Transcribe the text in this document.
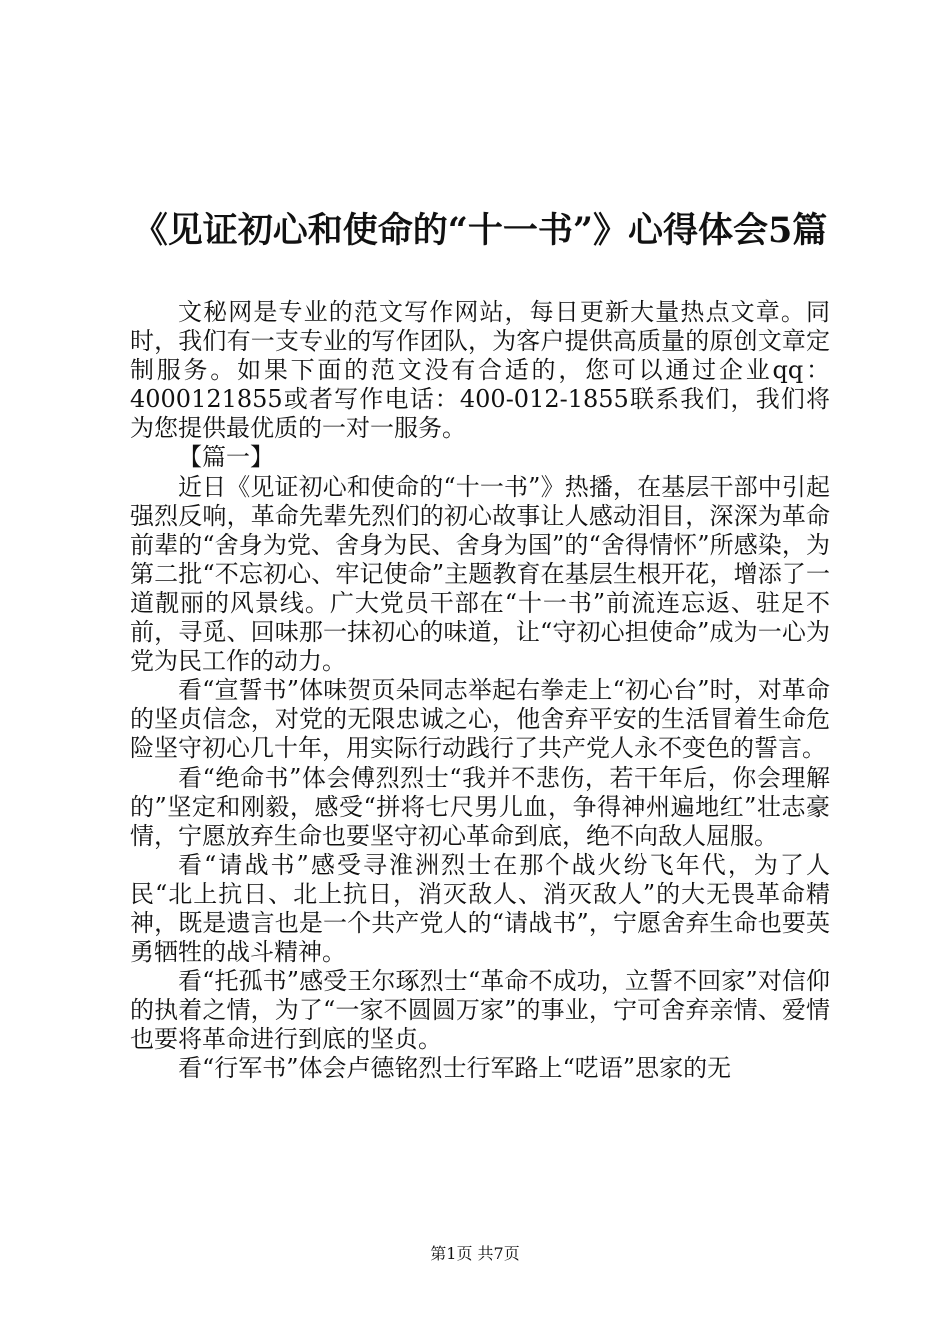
《见证初心和使命的“十一书”》心得体会5篇

文秘网是专业的范文写作网站，每日更新大量热点文章。同时，我们有一支专业的写作团队，为客户提供高质量的原创文章定制服务。如果下面的范文没有合适的，您可以通过企业qq：4000121855或者写作电话：400-012-1855联系我们，我们将为您提供最优质的一对一服务。

【篇一】

近日《见证初心和使命的“十一书”》热播，在基层干部中引起强烈反响，革命先辈先烈们的初心故事让人感动泪目，深深为革命前辈的“舍身为党、舍身为民、舍身为国”的“舍得情怀”所感染，为第二批“不忘初心、牢记使命”主题教育在基层生根开花，增添了一道靓丽的风景线。广大党员干部在“十一书”前流连忘返、驻足不前，寻觅、回味那一抹初心的味道，让“守初心担使命”成为一心为党为民工作的动力。

看“宣誓书”体味贺页朵同志举起右拳走上“初心台”时，对革命的坚贞信念，对党的无限忠诚之心，他舍弃平安的生活冒着生命危险坚守初心几十年，用实际行动践行了共产党人永不变色的誓言。

看“绝命书”体会傅烈烈士“我并不悲伤，若干年后，你会理解的”坚定和刚毅，感受“拼将七尺男儿血，争得神州遍地红”壮志豪情，宁愿放弃生命也要坚守初心革命到底，绝不向敌人屈服。

看“请战书”感受寻淮洲烈士在那个战火纷飞年代，为了人民“北上抗日、北上抗日，消灭敌人、消灭敌人”的大无畏革命精神，既是遗言也是一个共产党人的“请战书”，宁愿舍弃生命也要英勇牺牲的战斗精神。

看“托孤书”感受王尔琢烈士“革命不成功，立誓不回家”对信仰的执着之情，为了“一家不圆圆万家”的事业，宁可舍弃亲情、爱情也要将革命进行到底的坚贞。

看“行军书”体会卢德铭烈士行军路上“呓语”思家的无

第1页 共7页
